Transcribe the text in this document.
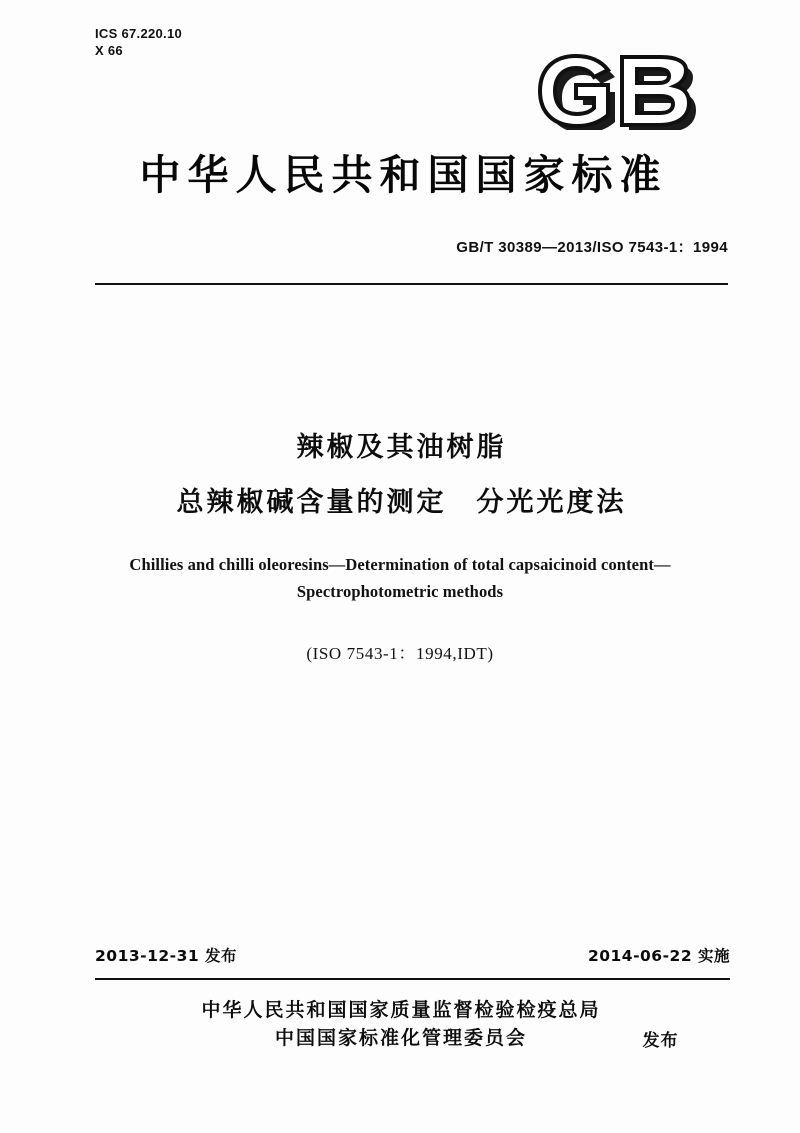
ICS 67.220.10
X 66
中华人民共和国国家标准
GB/T 30389—2013/ISO 7543-1：1994
辣椒及其油树脂
总辣椒碱含量的测定　分光光度法
Chillies and chilli oleoresins—Determination of total capsaicinoid content—
Spectrophotometric methods
(ISO 7543-1：1994,IDT)
2013-12-31 发布	2014-06-22 实施
中华人民共和国国家质量监督检验检疫总局
中国国家标准化管理委员会	发布
